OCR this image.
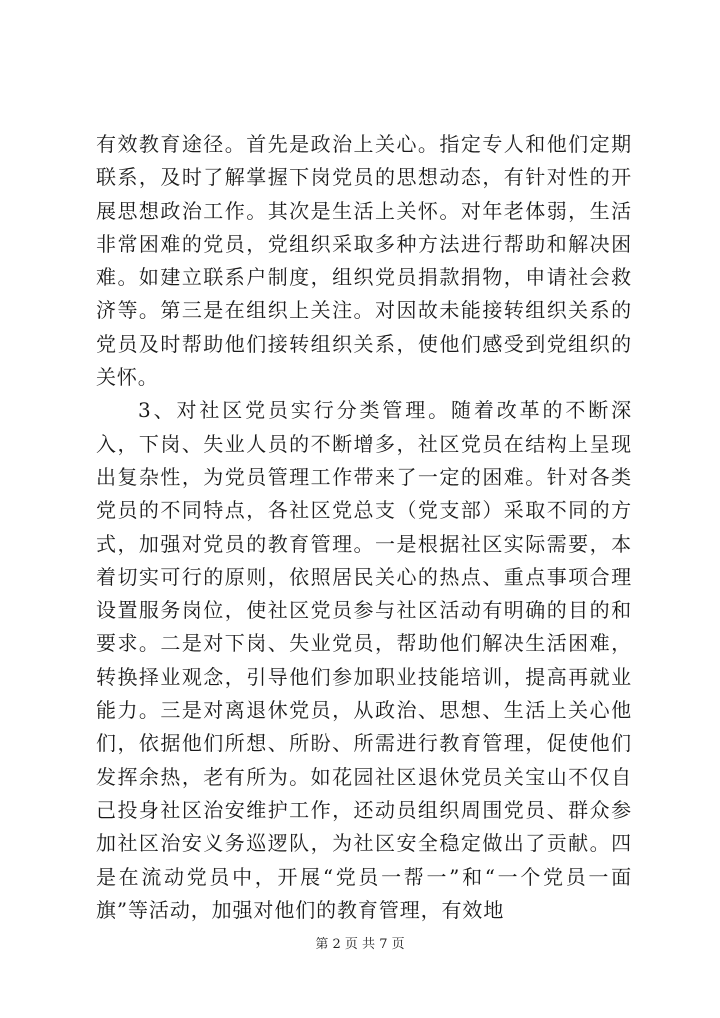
有效教育途径。首先是政治上关心。指定专人和他们定期联系，及时了解掌握下岗党员的思想动态，有针对性的开展思想政治工作。其次是生活上关怀。对年老体弱，生活非常困难的党员，党组织采取多种方法进行帮助和解决困难。如建立联系户制度，组织党员捐款捐物，申请社会救济等。第三是在组织上关注。对因故未能接转组织关系的党员及时帮助他们接转组织关系，使他们感受到党组织的关怀。

3、对社区党员实行分类管理。随着改革的不断深入，下岗、失业人员的不断增多，社区党员在结构上呈现出复杂性，为党员管理工作带来了一定的困难。针对各类党员的不同特点，各社区党总支（党支部）采取不同的方式，加强对党员的教育管理。一是根据社区实际需要，本着切实可行的原则，依照居民关心的热点、重点事项合理设置服务岗位，使社区党员参与社区活动有明确的目的和要求。二是对下岗、失业党员，帮助他们解决生活困难，转换择业观念，引导他们参加职业技能培训，提高再就业能力。三是对离退休党员，从政治、思想、生活上关心他们，依据他们所想、所盼、所需进行教育管理，促使他们发挥余热，老有所为。如花园社区退休党员关宝山不仅自己投身社区治安维护工作，还动员组织周围党员、群众参加社区治安义务巡逻队，为社区安全稳定做出了贡献。四是在流动党员中，开展“党员一帮一”和“一个党员一面旗”等活动，加强对他们的教育管理，有效地

第 2 页 共 7 页
